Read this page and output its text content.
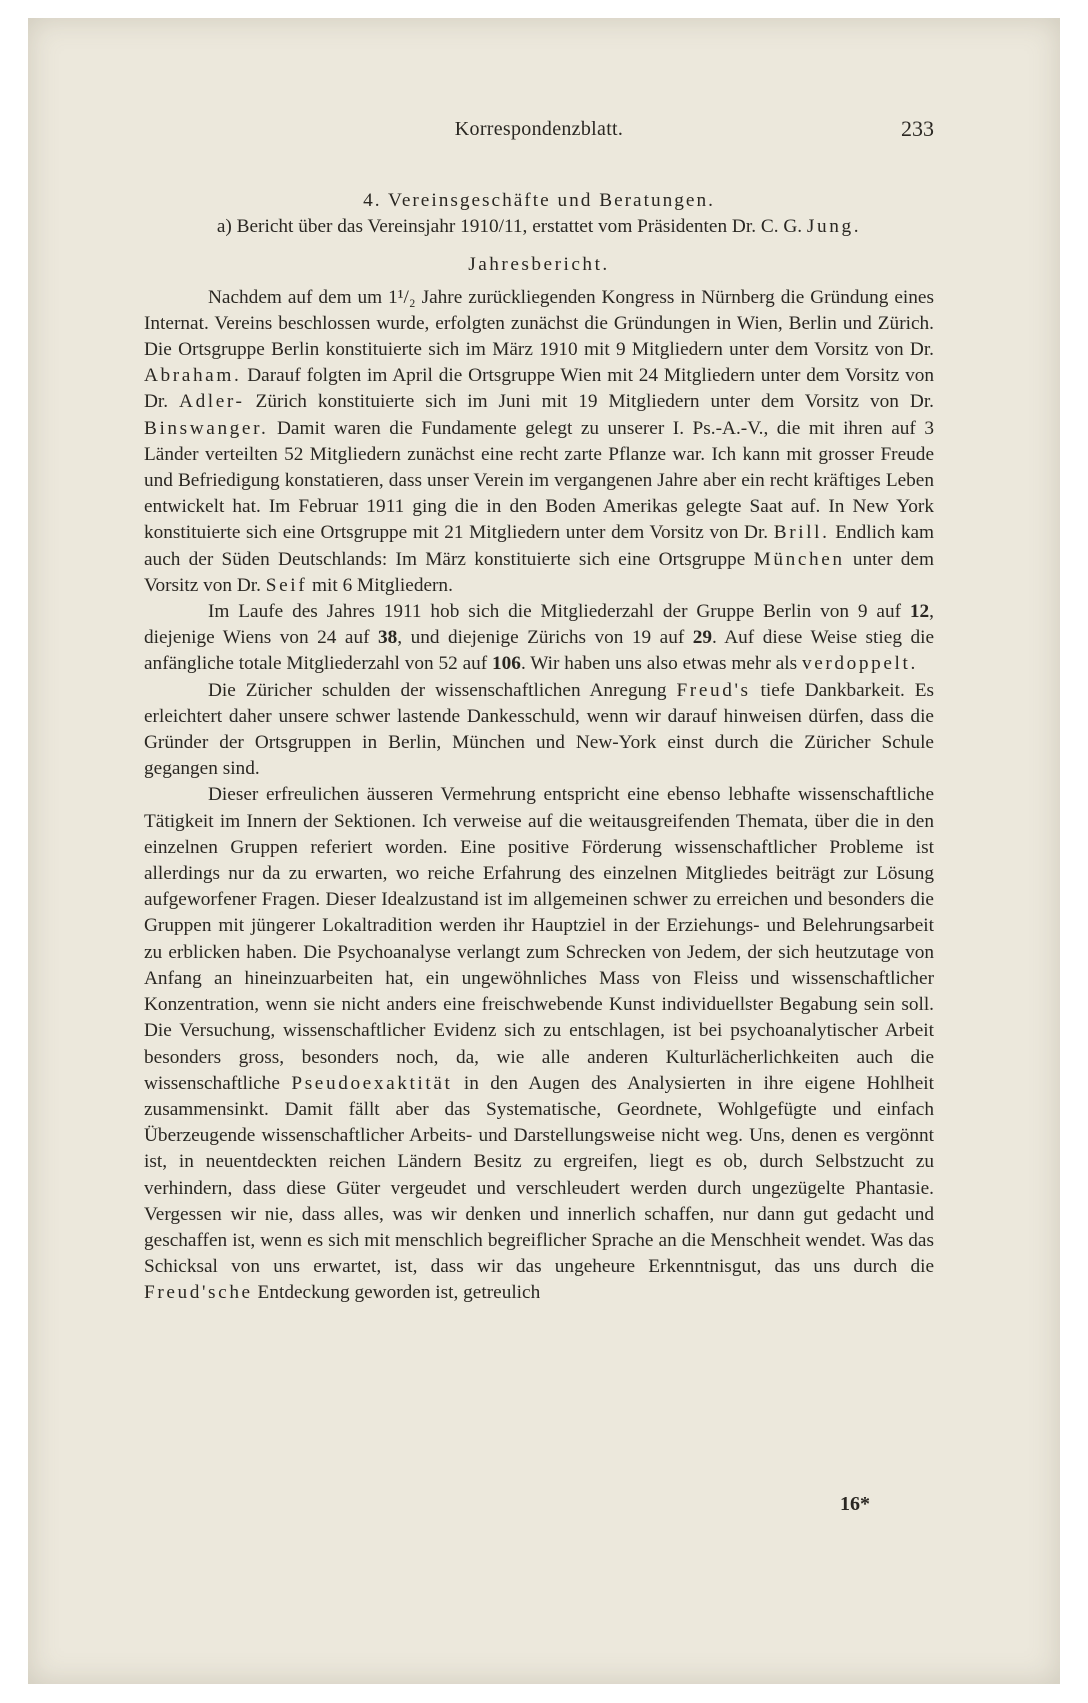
Korrespondenzblatt.	233
4. Vereinsgeschäfte und Beratungen.
a) Bericht über das Vereinsjahr 1910/11, erstattet vom Präsidenten Dr. C. G. Jung.
Jahresbericht.

Nachdem auf dem um 1¹/₂ Jahre zurückliegenden Kongress in Nürnberg die Gründung eines Internat. Vereins beschlossen wurde, erfolgten zunächst die Gründungen in Wien, Berlin und Zürich. Die Ortsgruppe Berlin konstituierte sich im März 1910 mit 9 Mitgliedern unter dem Vorsitz von Dr. Abraham. Darauf folgten im April die Ortsgruppe Wien mit 24 Mitgliedern unter dem Vorsitz von Dr. Adler- Zürich konstituierte sich im Juni mit 19 Mitgliedern unter dem Vorsitz von Dr. Binswanger. Damit waren die Fundamente gelegt zu unserer I. Ps.-A.-V., die mit ihren auf 3 Länder verteilten 52 Mitgliedern zunächst eine recht zarte Pflanze war. Ich kann mit grosser Freude und Befriedigung konstatieren, dass unser Verein im vergangenen Jahre aber ein recht kräftiges Leben entwickelt hat. Im Februar 1911 ging die in den Boden Amerikas gelegte Saat auf. In New York konstituierte sich eine Ortsgruppe mit 21 Mitgliedern unter dem Vorsitz von Dr. Brill. Endlich kam auch der Süden Deutschlands: Im März konstituierte sich eine Ortsgruppe München unter dem Vorsitz von Dr. Seif mit 6 Mitgliedern.

Im Laufe des Jahres 1911 hob sich die Mitgliederzahl der Gruppe Berlin von 9 auf 12, diejenige Wiens von 24 auf 38, und diejenige Zürichs von 19 auf 29. Auf diese Weise stieg die anfängliche totale Mitgliederzahl von 52 auf 106. Wir haben uns also etwas mehr als verdoppelt.

Die Züricher schulden der wissenschaftlichen Anregung Freud's tiefe Dankbarkeit. Es erleichtert daher unsere schwer lastende Dankesschuld, wenn wir darauf hinweisen dürfen, dass die Gründer der Ortsgruppen in Berlin, München und New-York einst durch die Züricher Schule gegangen sind.

Dieser erfreulichen äusseren Vermehrung entspricht eine ebenso lebhafte wissenschaftliche Tätigkeit im Innern der Sektionen. Ich verweise auf die weitausgreifenden Themata, über die in den einzelnen Gruppen referiert worden. Eine positive Förderung wissenschaftlicher Probleme ist allerdings nur da zu erwarten, wo reiche Erfahrung des einzelnen Mitgliedes beiträgt zur Lösung aufgeworfener Fragen. Dieser Idealzustand ist im allgemeinen schwer zu erreichen und besonders die Gruppen mit jüngerer Lokaltradition werden ihr Hauptziel in der Erziehungs- und Belehrungsarbeit zu erblicken haben. Die Psychoanalyse verlangt zum Schrecken von Jedem, der sich heutzutage von Anfang an hineinzuarbeiten hat, ein ungewöhnliches Mass von Fleiss und wissenschaftlicher Konzentration, wenn sie nicht anders eine freischwebende Kunst individuellster Begabung sein soll. Die Versuchung, wissenschaftlicher Evidenz sich zu entschlagen, ist bei psychoanalytischer Arbeit besonders gross, besonders noch, da, wie alle anderen Kulturlächerlichkeiten auch die wissenschaftliche Pseudoexaktität in den Augen des Analysierten in ihre eigene Hohlheit zusammensinkt. Damit fällt aber das Systematische, Geordnete, Wohlgefügte und einfach Überzeugende wissenschaftlicher Arbeits- und Darstellungsweise nicht weg. Uns, denen es vergönnt ist, in neuentdeckten reichen Ländern Besitz zu ergreifen, liegt es ob, durch Selbstzucht zu verhindern, dass diese Güter vergeudet und verschleudert werden durch ungezügelte Phantasie. Vergessen wir nie, dass alles, was wir denken und innerlich schaffen, nur dann gut gedacht und geschaffen ist, wenn es sich mit menschlich begreiflicher Sprache an die Menschheit wendet. Was das Schicksal von uns erwartet, ist, dass wir das ungeheure Erkenntnisgut, das uns durch die Freud'sche Entdeckung geworden ist, getreulich

16*
